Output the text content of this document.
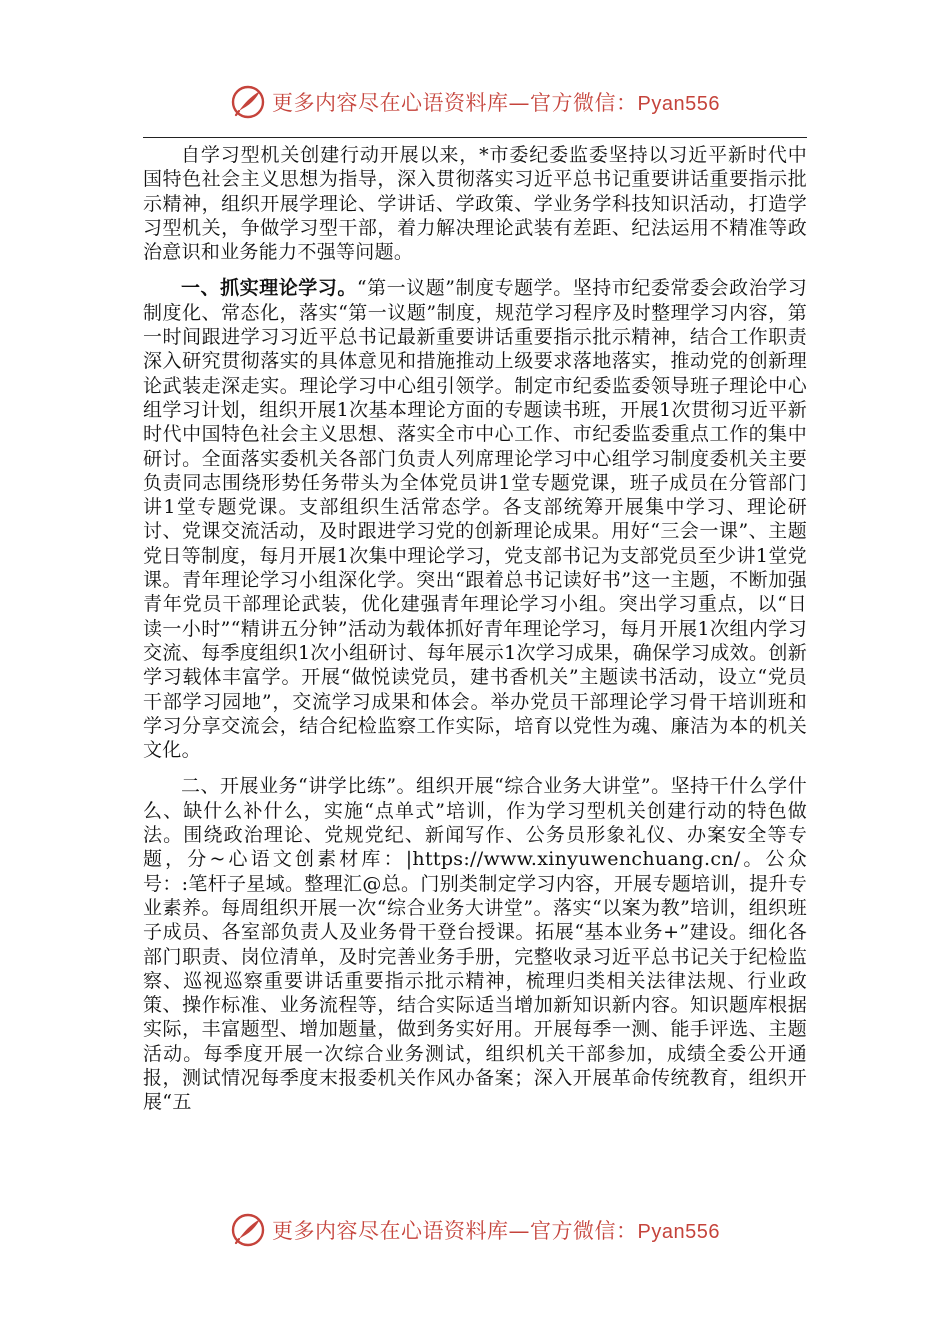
更多内容尽在心语资料库—官方微信：Pyan556

自学习型机关创建行动开展以来，*市委纪委监委坚持以习近平新时代中国特色社会主义思想为指导，深入贯彻落实习近平总书记重要讲话重要指示批示精神，组织开展学理论、学讲话、学政策、学业务学科技知识活动，打造学习型机关，争做学习型干部，着力解决理论武装有差距、纪法运用不精准等政治意识和业务能力不强等问题。

一、抓实理论学习。“第一议题”制度专题学。坚持市纪委常委会政治学习制度化、常态化，落实“第一议题”制度，规范学习程序及时整理学习内容，第一时间跟进学习习近平总书记最新重要讲话重要指示批示精神，结合工作职责深入研究贯彻落实的具体意见和措施推动上级要求落地落实，推动党的创新理论武装走深走实。理论学习中心组引领学。制定市纪委监委领导班子理论中心组学习计划，组织开展1次基本理论方面的专题读书班，开展1次贯彻习近平新时代中国特色社会主义思想、落实全市中心工作、市纪委监委重点工作的集中研讨。全面落实委机关各部门负责人列席理论学习中心组学习制度委机关主要负责同志围绕形势任务带头为全体党员讲1堂专题党课，班子成员在分管部门讲1堂专题党课。支部组织生活常态学。各支部统筹开展集中学习、理论研讨、党课交流活动，及时跟进学习党的创新理论成果。用好“三会一课”、主题党日等制度，每月开展1次集中理论学习，党支部书记为支部党员至少讲1堂党课。青年理论学习小组深化学。突出“跟着总书记读好书”这一主题，不断加强青年党员干部理论武装，优化建强青年理论学习小组。突出学习重点，以“日读一小时”“精讲五分钟”活动为载体抓好青年理论学习，每月开展1次组内学习交流、每季度组织1次小组研讨、每年展示1次学习成果，确保学习成效。创新学习载体丰富学。开展“做悦读党员，建书香机关”主题读书活动，设立“党员干部学习园地”，交流学习成果和体会。举办党员干部理论学习骨干培训班和学习分享交流会，结合纪检监察工作实际，培育以党性为魂、廉洁为本的机关文化。

二、开展业务“讲学比练”。组织开展“综合业务大讲堂”。坚持干什么学什么、缺什么补什么，实施“点单式”培训，作为学习型机关创建行动的特色做法。围绕政治理论、党规党纪、新闻写作、公务员形象礼仪、办案安全等专题，分~心语文创素材库：|https://www.xinyuwenchuang.cn/。公众号：:笔杆子星域。整理汇@总。门别类制定学习内容，开展专题培训，提升专业素养。每周组织开展一次“综合业务大讲堂”。落实“以案为教”培训，组织班子成员、各室部负责人及业务骨干登台授课。拓展“基本业务+”建设。细化各部门职责、岗位清单，及时完善业务手册，完整收录习近平总书记关于纪检监察、巡视巡察重要讲话重要指示批示精神，梳理归类相关法律法规、行业政策、操作标准、业务流程等，结合实际适当增加新知识新内容。知识题库根据实际，丰富题型、增加题量，做到务实好用。开展每季一测、能手评选、主题活动。每季度开展一次综合业务测试，组织机关干部参加，成绩全委公开通报，测试情况每季度末报委机关作风办备案；深入开展革命传统教育，组织开展“五

更多内容尽在心语资料库—官方微信：Pyan556
